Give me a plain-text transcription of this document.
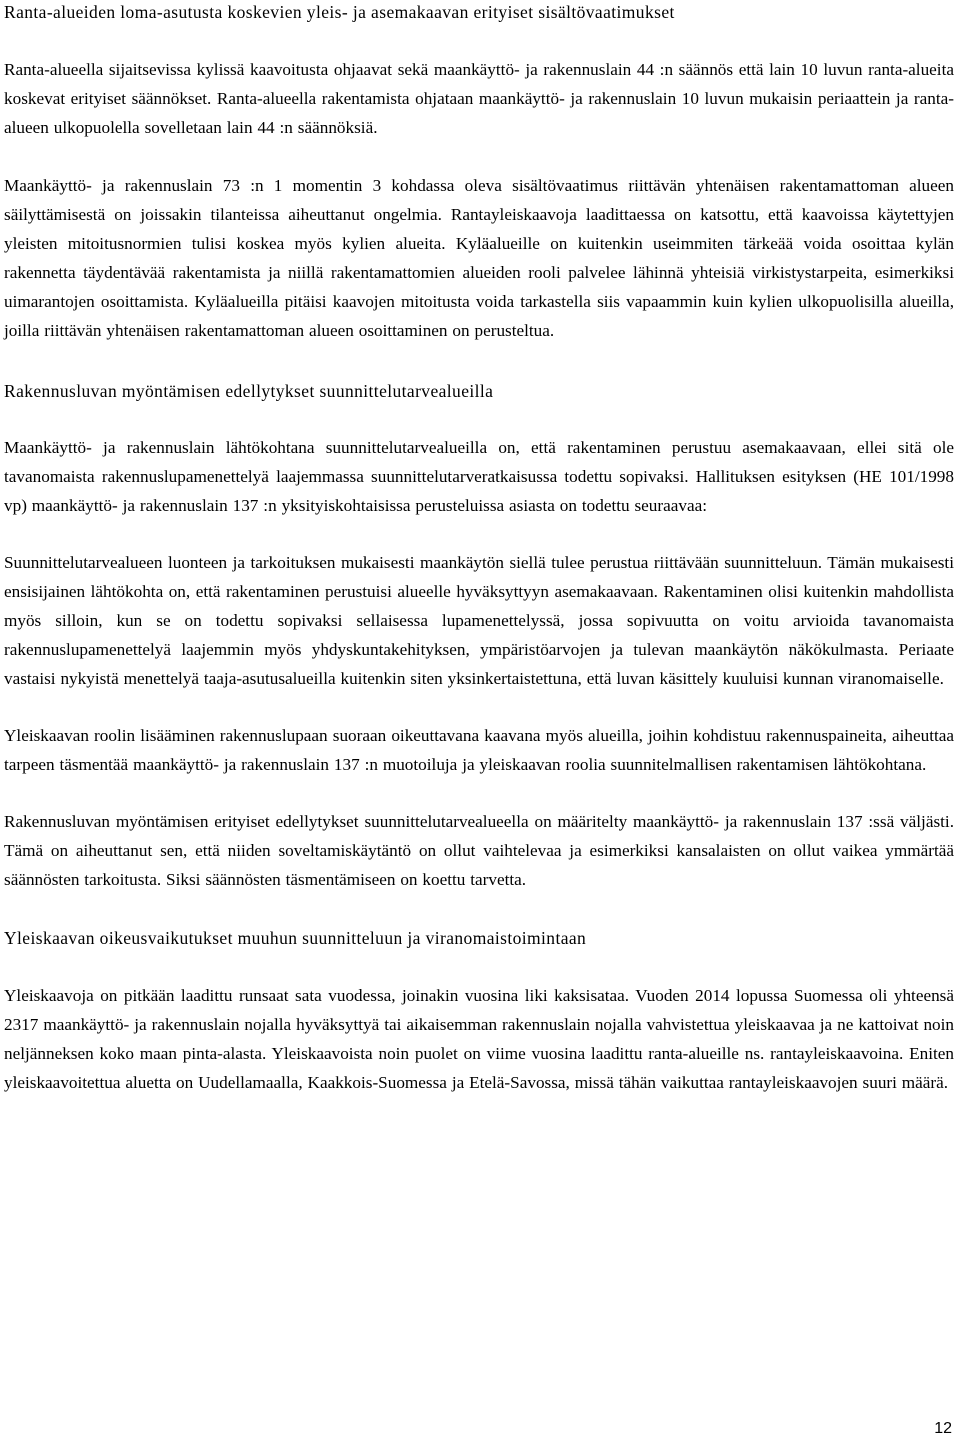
Ranta-alueiden loma-asutusta koskevien yleis- ja asemakaavan erityiset sisältövaatimukset
Ranta-alueella sijaitsevissa kylissä kaavoitusta ohjaavat sekä maankäyttö- ja rakennuslain 44 :n säännös että lain 10 luvun ranta-alueita koskevat erityiset säännökset. Ranta-alueella rakentamista ohjataan maankäyttö- ja rakennuslain 10 luvun mukaisin periaattein ja ranta-alueen ulkopuolella sovelletaan lain 44 :n säännöksiä.
Maankäyttö- ja rakennuslain 73 :n 1 momentin 3 kohdassa oleva sisältövaatimus riittävän yhtenäisen rakentamattoman alueen säilyttämisestä on joissakin tilanteissa aiheuttanut ongelmia. Rantayleiskaavoja laadittaessa on katsottu, että kaavoissa käytettyjen yleisten mitoitusnormien tulisi koskea myös kylien alueita. Kyläalueille on kuitenkin useimmiten tärkeää voida osoittaa kylän rakennetta täydentävää rakentamista ja niillä rakentamattomien alueiden rooli palvelee lähinnä yhteisiä virkistystarpeita, esimerkiksi uimarantojen osoittamista. Kyläalueilla pitäisi kaavojen mitoitusta voida tarkastella siis vapaammin kuin kylien ulkopuolisilla alueilla, joilla riittävän yhtenäisen rakentamattoman alueen osoittaminen on perusteltua.
Rakennusluvan myöntämisen edellytykset suunnittelutarvealueilla
Maankäyttö- ja rakennuslain lähtökohtana suunnittelutarvealueilla on, että rakentaminen perustuu asemakaavaan, ellei sitä ole tavanomaista rakennuslupamenettelyä laajemmassa suunnittelutarveratkaisussa todettu sopivaksi. Hallituksen esityksen (HE 101/1998 vp) maankäyttö- ja rakennuslain 137 :n yksityiskohtaisissa perusteluissa asiasta on todettu seuraavaa:
Suunnittelutarvealueen luonteen ja tarkoituksen mukaisesti maankäytön siellä tulee perustua riittävään suunnitteluun. Tämän mukaisesti ensisijainen lähtökohta on, että rakentaminen perustuisi alueelle hyväksyttyyn asemakaavaan. Rakentaminen olisi kuitenkin mahdollista myös silloin, kun se on todettu sopivaksi sellaisessa lupamenettelyssä, jossa sopivuutta on voitu arvioida tavanomaista rakennuslupamenettelyä laajemmin myös yhdyskuntakehityksen, ympäristöarvojen ja tulevan maankäytön näkökulmasta. Periaate vastaisi nykyistä menettelyä taaja-asutusalueilla kuitenkin siten yksinkertaistettuna, että luvan käsittely kuuluisi kunnan viranomaiselle.
Yleiskaavan roolin lisääminen rakennuslupaan suoraan oikeuttavana kaavana myös alueilla, joihin kohdistuu rakennuspaineita, aiheuttaa tarpeen täsmentää maankäyttö- ja rakennuslain 137 :n muotoiluja ja yleiskaavan roolia suunnitelmallisen rakentamisen lähtökohtana.
Rakennusluvan myöntämisen erityiset edellytykset suunnittelutarvealueella on määritelty maankäyttö- ja rakennuslain 137 :ssä väljästi. Tämä on aiheuttanut sen, että niiden soveltamiskäytäntö on ollut vaihtelevaa ja esimerkiksi kansalaisten on ollut vaikea ymmärtää säännösten tarkoitusta. Siksi säännösten täsmentämiseen on koettu tarvetta.
Yleiskaavan oikeusvaikutukset muuhun suunnitteluun ja viranomaistoimintaan
Yleiskaavoja on pitkään laadittu runsaat sata vuodessa, joinakin vuosina liki kaksisataa. Vuoden 2014 lopussa Suomessa oli yhteensä 2317 maankäyttö- ja rakennuslain nojalla hyväksyttyä tai aikaisemman rakennuslain nojalla vahvistettua yleiskaavaa ja ne kattoivat noin neljänneksen koko maan pinta-alasta. Yleiskaavoista noin puolet on viime vuosina laadittu ranta-alueille ns. rantayleiskaavoina. Eniten yleiskaavoitettua aluetta on Uudellamaalla, Kaakkois-Suomessa ja Etelä-Savossa, missä tähän vaikuttaa rantayleiskaavojen suuri määrä.
12
